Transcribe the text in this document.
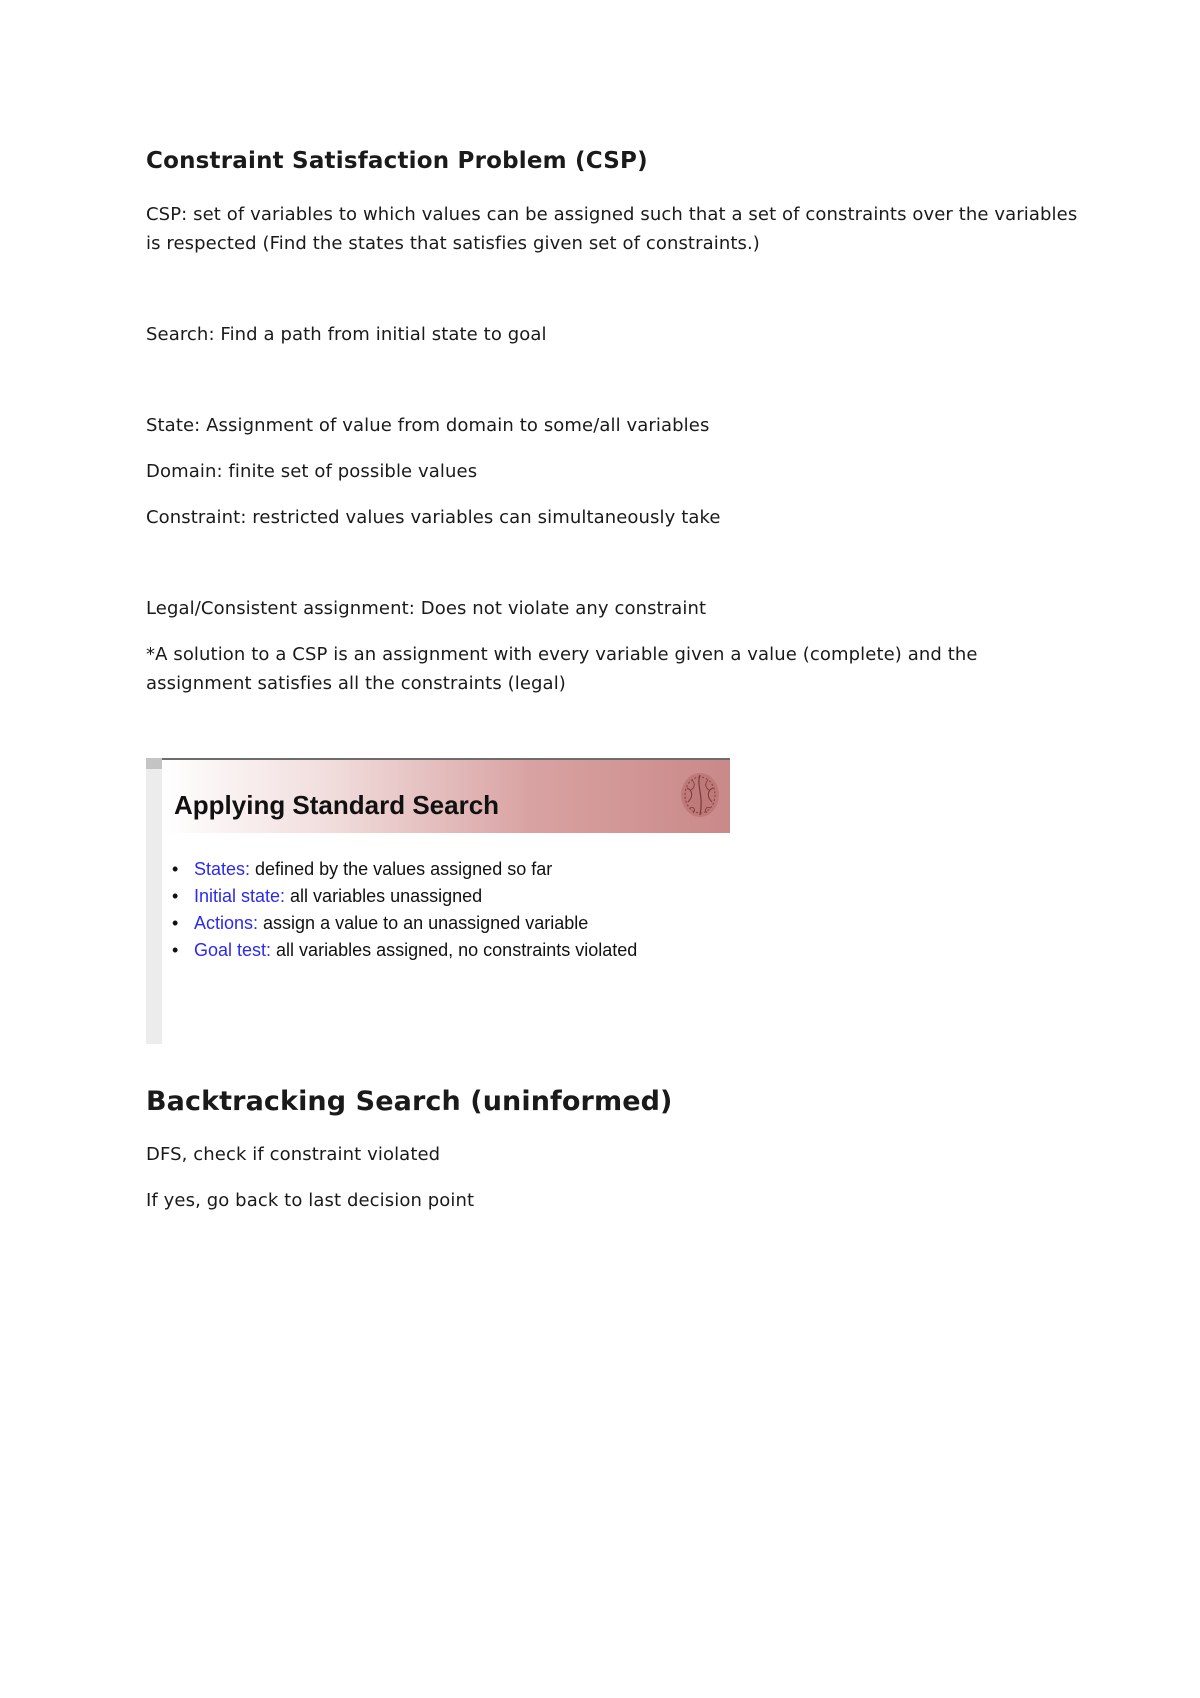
Constraint Satisfaction Problem (CSP)
CSP: set of variables to which values can be assigned such that a set of constraints over the variables
is respected (Find the states that satisfies given set of constraints.)
Search: Find a path from initial state to goal
State: Assignment of value from domain to some/all variables
Domain: finite set of possible values
Constraint: restricted values variables can simultaneously take
Legal/Consistent assignment: Does not violate any constraint
*A solution to a CSP is an assignment with every variable given a value (complete) and the
assignment satisfies all the constraints (legal)
Applying Standard Search
• States: defined by the values assigned so far
• Initial state: all variables unassigned
• Actions: assign a value to an unassigned variable
• Goal test: all variables assigned, no constraints violated
Backtracking Search (uninformed)
DFS, check if constraint violated
If yes, go back to last decision point
